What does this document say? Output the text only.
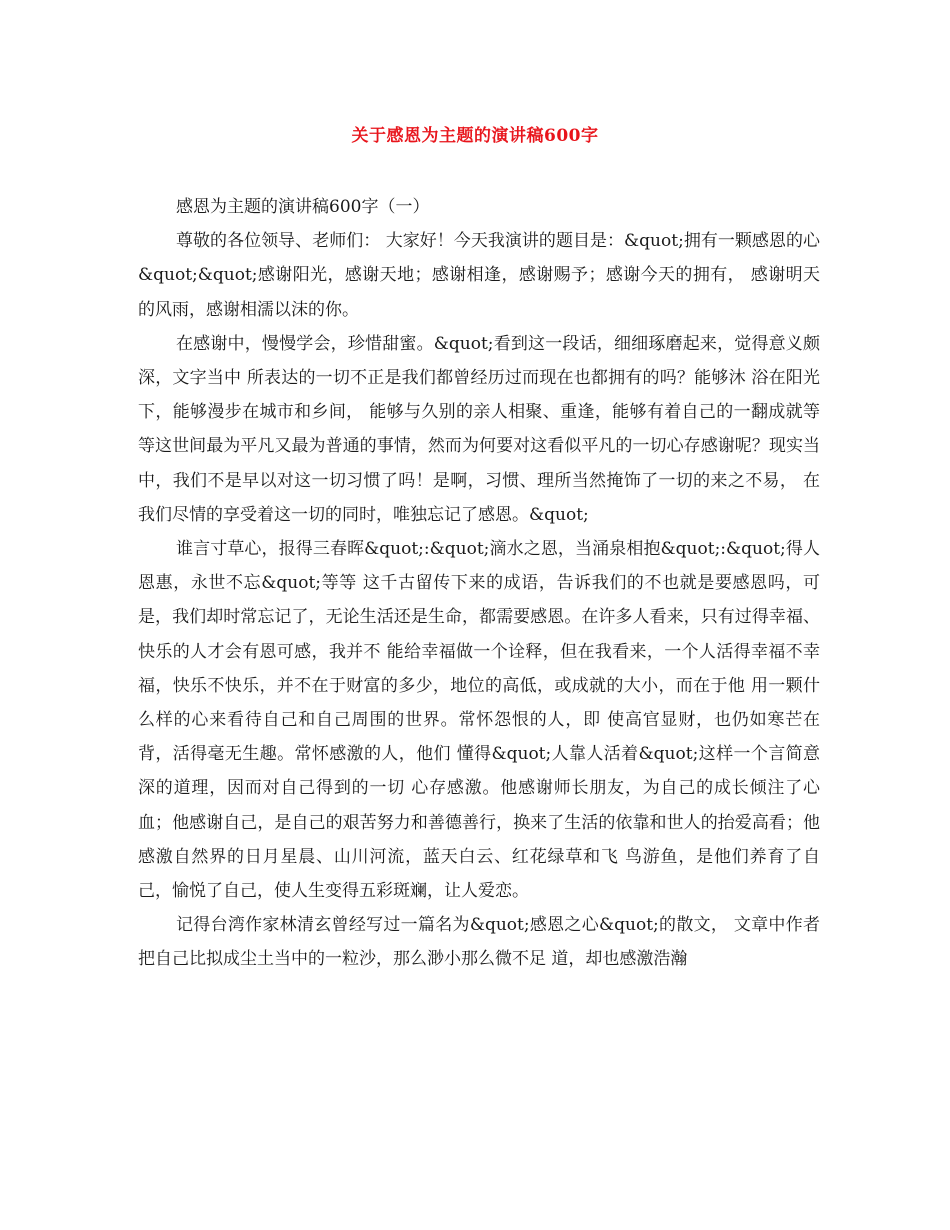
关于感恩为主题的演讲稿600字

感恩为主题的演讲稿600字（一）

尊敬的各位领导、老师们： 大家好！今天我演讲的题目是：&quot;拥有一颗感恩的心&quot;&quot;感谢阳光，感谢天地；感谢相逢，感谢赐予；感谢今天的拥有， 感谢明天的风雨，感谢相濡以沫的你。

在感谢中，慢慢学会，珍惜甜蜜。&quot;看到这一段话，细细琢磨起来，觉得意义颇深，文字当中 所表达的一切不正是我们都曾经历过而现在也都拥有的吗？能够沐 浴在阳光下，能够漫步在城市和乡间， 能够与久别的亲人相聚、重逢，能够有着自己的一翻成就等等这世间最为平凡又最为普通的事情，然而为何要对这看似平凡的一切心存感谢呢？现实当中，我们不是早以对这一切习惯了吗！是啊，习惯、理所当然掩饰了一切的来之不易， 在我们尽情的享受着这一切的同时，唯独忘记了感恩。&quot;

谁言寸草心，报得三春晖&quot;:&quot;滴水之恩，当涌泉相抱&quot;:&quot;得人恩惠，永世不忘&quot;等等 这千古留传下来的成语，告诉我们的不也就是要感恩吗，可是，我们却时常忘记了，无论生活还是生命，都需要感恩。在许多人看来，只有过得幸福、快乐的人才会有恩可感，我并不 能给幸福做一个诠释，但在我看来，一个人活得幸福不幸福，快乐不快乐，并不在于财富的多少，地位的高低，或成就的大小，而在于他 用一颗什么样的心来看待自己和自己周围的世界。常怀怨恨的人，即 使高官显财，也仍如寒芒在背，活得毫无生趣。常怀感激的人，他们 懂得&quot;人靠人活着&quot;这样一个言简意深的道理，因而对自己得到的一切 心存感激。他感谢师长朋友，为自己的成长倾注了心血；他感谢自己，是自己的艰苦努力和善德善行，换来了生活的依靠和世人的抬爱高看；他感激自然界的日月星晨、山川河流，蓝天白云、红花绿草和飞 鸟游鱼，是他们养育了自己，愉悦了自己，使人生变得五彩斑斓，让人爱恋。

记得台湾作家林清玄曾经写过一篇名为&quot;感恩之心&quot;的散文， 文章中作者把自己比拟成尘土当中的一粒沙，那么渺小那么微不足 道，却也感激浩瀚
